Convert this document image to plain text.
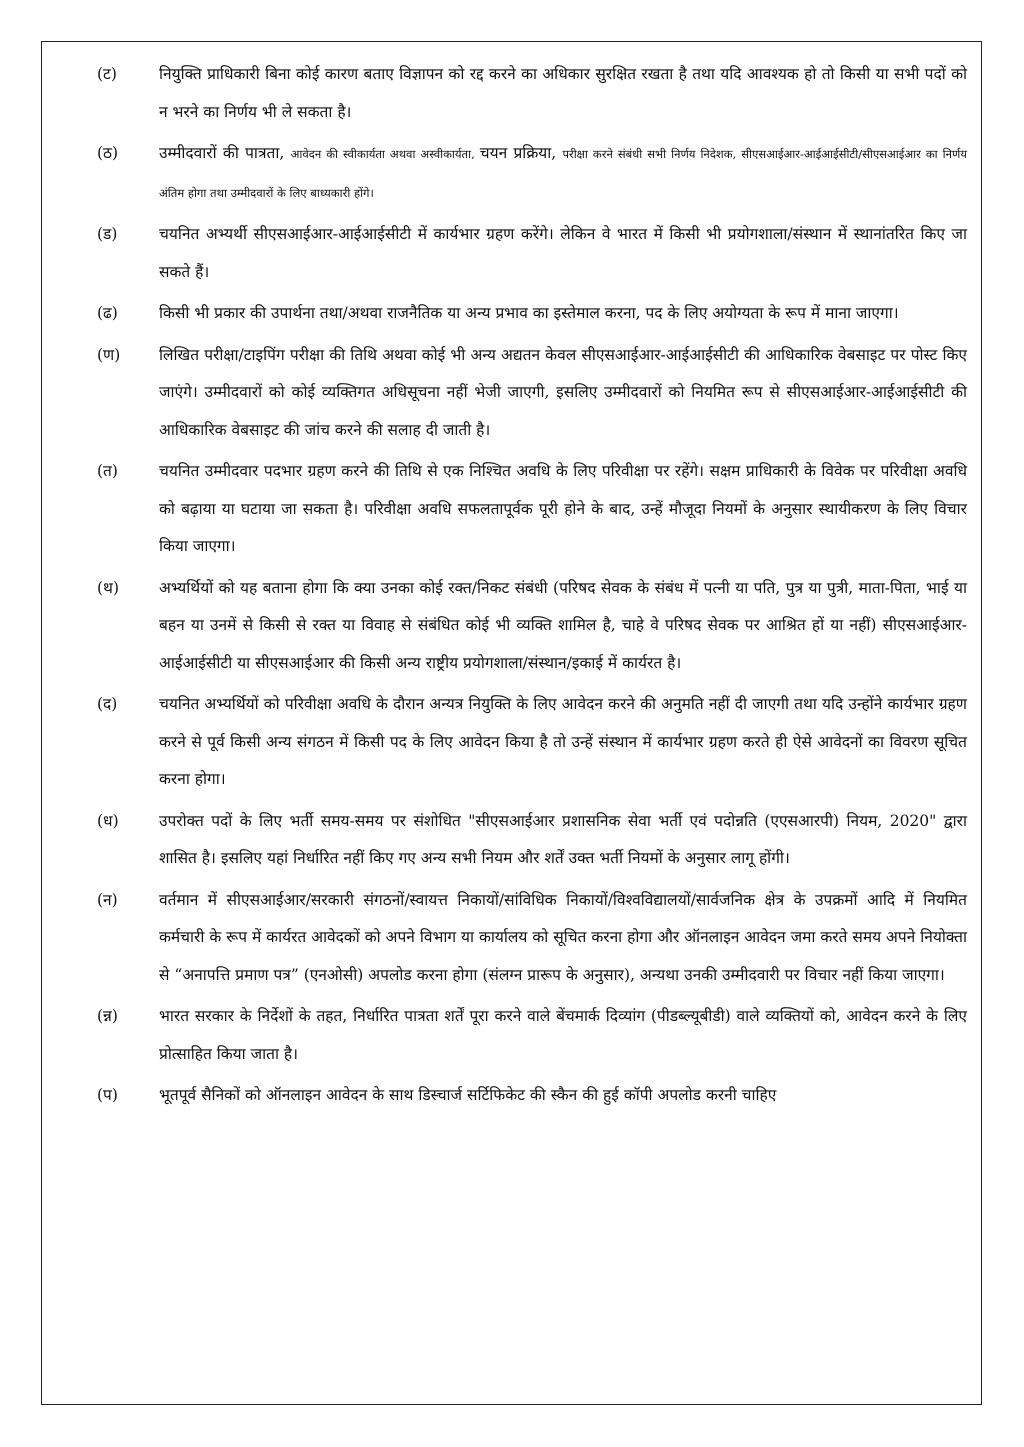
(ट)	नियुक्ति प्राधिकारी बिना कोई कारण बताए विज्ञापन को रद्द करने का अधिकार सुरक्षित रखता है तथा यदि आवश्यक हो तो किसी या सभी पदों को न भरने का निर्णय भी ले सकता है।
(ठ)	उम्मीदवारों की पात्रता, आवेदन की स्वीकार्यता अथवा अस्वीकार्यता, चयन प्रक्रिया, परीक्षा करने संबंधी सभी निर्णय निदेशक, सीएसआईआर-आईआईसीटी/सीएसआईआर का निर्णय अंतिम होगा तथा उम्मीदवारों के लिए बाध्यकारी होंगे।
(ड)	चयनित अभ्यर्थी सीएसआईआर-आईआईसीटी में कार्यभार ग्रहण करेंगे। लेकिन वे भारत में किसी भी प्रयोगशाला/संस्थान में स्थानांतरित किए जा सकते हैं।
(ढ)	किसी भी प्रकार की उपार्थना तथा/अथवा राजनैतिक या अन्य प्रभाव का इस्तेमाल करना, पद के लिए अयोग्यता के रूप में माना जाएगा।
(ण)	लिखित परीक्षा/टाइपिंग परीक्षा की तिथि अथवा कोई भी अन्य अद्यतन केवल सीएसआईआर-आईआईसीटी की आधिकारिक वेबसाइट पर पोस्ट किए जाएंगे। उम्मीदवारों को कोई व्यक्तिगत अधिसूचना नहीं भेजी जाएगी, इसलिए उम्मीदवारों को नियमित रूप से सीएसआईआर-आईआईसीटी की आधिकारिक वेबसाइट की जांच करने की सलाह दी जाती है।
(त)	चयनित उम्मीदवार पदभार ग्रहण करने की तिथि से एक निश्चित अवधि के लिए परिवीक्षा पर रहेंगे। सक्षम प्राधिकारी के विवेक पर परिवीक्षा अवधि को बढ़ाया या घटाया जा सकता है। परिवीक्षा अवधि सफलतापूर्वक पूरी होने के बाद, उन्हें मौजूदा नियमों के अनुसार स्थायीकरण के लिए विचार किया जाएगा।
(थ)	अभ्यर्थियों को यह बताना होगा कि क्या उनका कोई रक्त/निकट संबंधी (परिषद सेवक के संबंध में पत्नी या पति, पुत्र या पुत्री, माता-पिता, भाई या बहन या उनमें से किसी से रक्त या विवाह से संबंधित कोई भी व्यक्ति शामिल है, चाहे वे परिषद सेवक पर आश्रित हों या नहीं) सीएसआईआर-आईआईसीटी या सीएसआईआर की किसी अन्य राष्ट्रीय प्रयोगशाला/संस्थान/इकाई में कार्यरत है।
(द)	चयनित अभ्यर्थियों को परिवीक्षा अवधि के दौरान अन्यत्र नियुक्ति के लिए आवेदन करने की अनुमति नहीं दी जाएगी तथा यदि उन्होंने कार्यभार ग्रहण करने से पूर्व किसी अन्य संगठन में किसी पद के लिए आवेदन किया है तो उन्हें संस्थान में कार्यभार ग्रहण करते ही ऐसे आवेदनों का विवरण सूचित करना होगा।
(ध)	उपरोक्त पदों के लिए भर्ती समय-समय पर संशोधित "सीएसआईआर प्रशासनिक सेवा भर्ती एवं पदोन्नति (एएसआरपी) नियम, 2020" द्वारा शासित है। इसलिए यहां निर्धारित नहीं किए गए अन्य सभी नियम और शर्तें उक्त भर्ती नियमों के अनुसार लागू होंगी।
(न)	वर्तमान में सीएसआईआर/सरकारी संगठनों/स्वायत्त निकायों/सांविधिक निकायों/विश्वविद्यालयों/सार्वजनिक क्षेत्र के उपक्रमों आदि में नियमित कर्मचारी के रूप में कार्यरत आवेदकों को अपने विभाग या कार्यालय को सूचित करना होगा और ऑनलाइन आवेदन जमा करते समय अपने नियोक्ता से “अनापत्ति प्रमाण पत्र” (एनओसी) अपलोड करना होगा (संलग्न प्रारूप के अनुसार), अन्यथा उनकी उम्मीदवारी पर विचार नहीं किया जाएगा।
(न्न)	भारत सरकार के निर्देशों के तहत, निर्धारित पात्रता शर्तें पूरा करने वाले बेंचमार्क दिव्यांग (पीडब्ल्यूबीडी) वाले व्यक्तियों को, आवेदन करने के लिए प्रोत्साहित किया जाता है।
(प)	भूतपूर्व सैनिकों को ऑनलाइन आवेदन के साथ डिस्चार्ज सर्टिफिकेट की स्कैन की हुई कॉपी अपलोड करनी चाहिए
